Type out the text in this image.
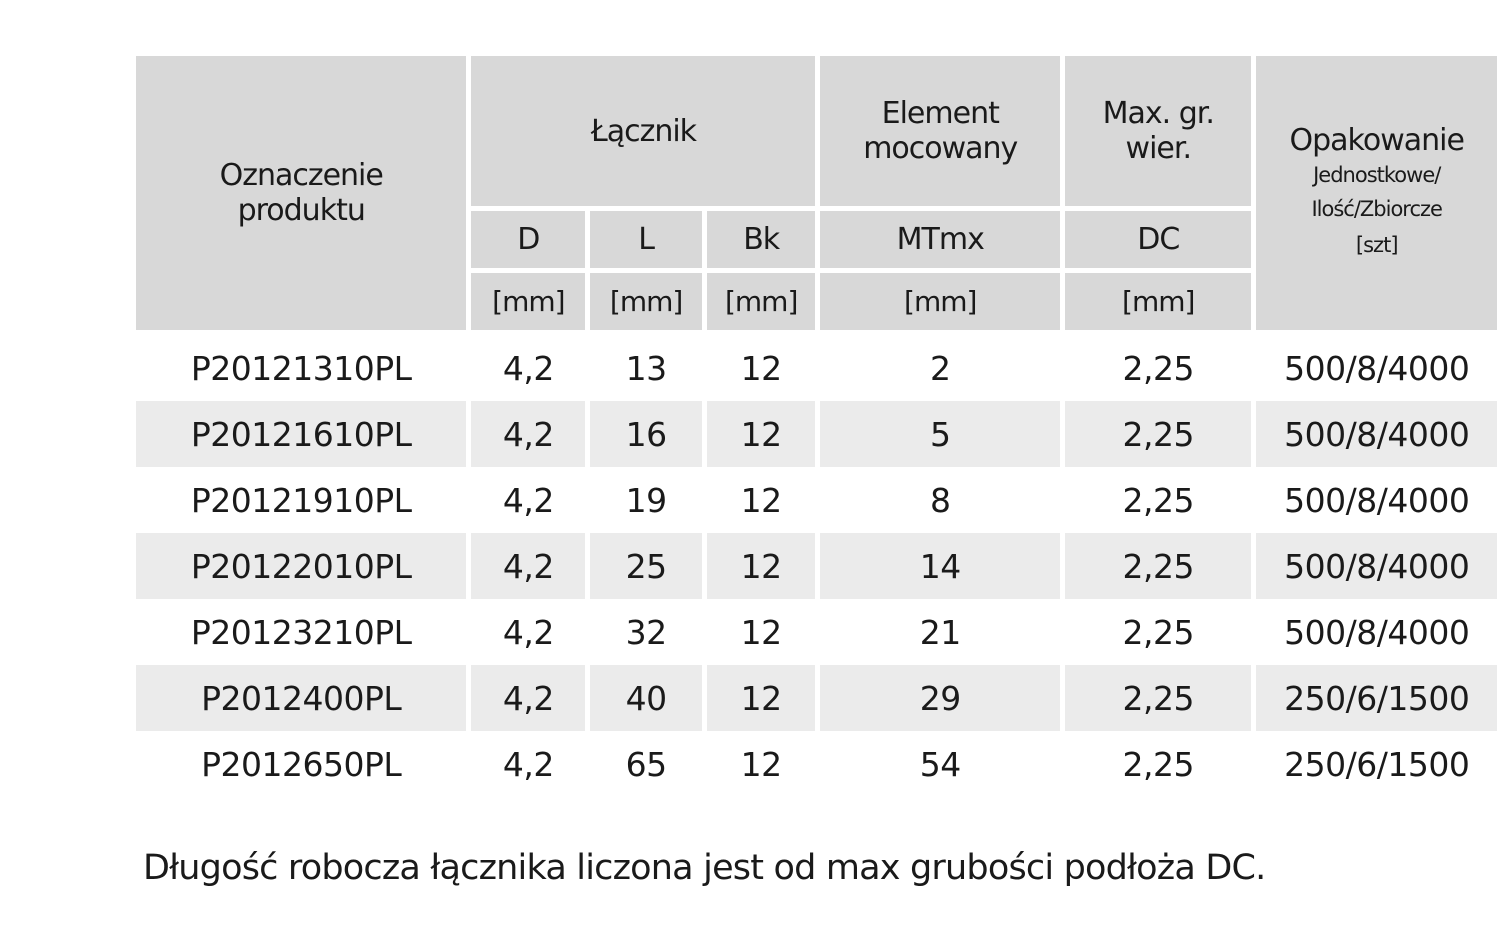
Oznaczenie produktu	Łącznik			Element mocowany	Max. gr. wier.	Opakowanie
Jednostkowe/ Ilość/Zbiorcze
[szt]

	D	L	Bk	MTmx	DC	
	[mm]	[mm]	[mm]	[mm]	[mm]	
P20121310PL	4,2	13	12	2	2,25	500/8/4000
P20121610PL	4,2	16	12	5	2,25	500/8/4000
P20121910PL	4,2	19	12	8	2,25	500/8/4000
P20122010PL	4,2	25	12	14	2,25	500/8/4000
P20123210PL	4,2	32	12	21	2,25	500/8/4000
P2012400PL	4,2	40	12	29	2,25	250/6/1500
P2012650PL	4,2	65	12	54	2,25	250/6/1500
Długość robocza łącznika liczona jest od max grubości podłoża DC.
